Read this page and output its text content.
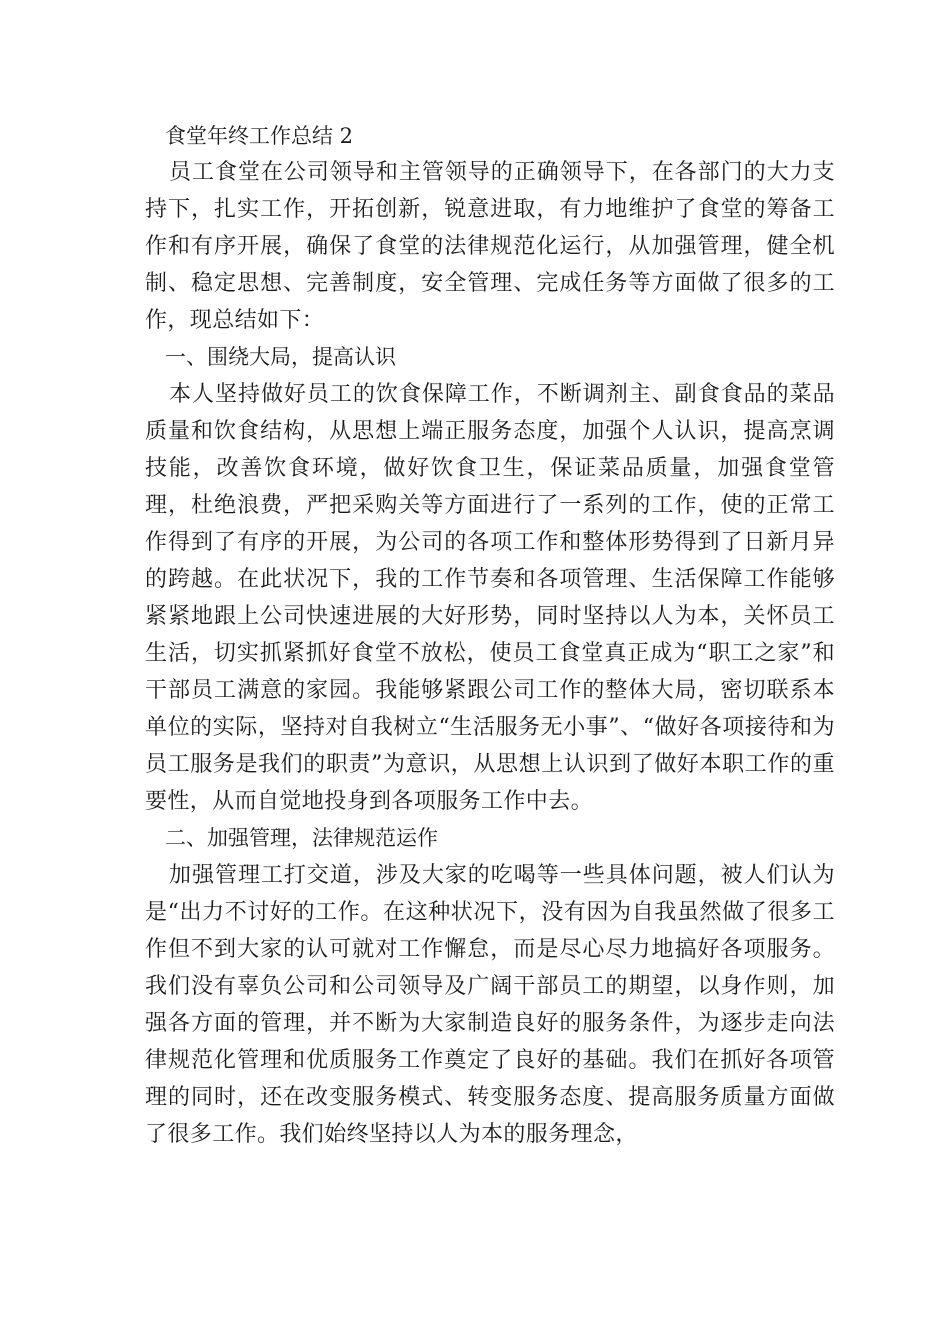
食堂年终工作总结 2

员工食堂在公司领导和主管领导的正确领导下，在各部门的大力支持下，扎实工作，开拓创新，锐意进取，有力地维护了食堂的筹备工作和有序开展，确保了食堂的法律规范化运行，从加强管理，健全机制、稳定思想、完善制度，安全管理、完成任务等方面做了很多的工作，现总结如下：

一、围绕大局，提高认识

本人坚持做好员工的饮食保障工作，不断调剂主、副食食品的菜品质量和饮食结构，从思想上端正服务态度，加强个人认识，提高烹调技能，改善饮食环境，做好饮食卫生，保证菜品质量，加强食堂管理，杜绝浪费，严把采购关等方面进行了一系列的工作，使的正常工作得到了有序的开展，为公司的各项工作和整体形势得到了日新月异的跨越。在此状况下，我的工作节奏和各项管理、生活保障工作能够紧紧地跟上公司快速进展的大好形势，同时坚持以人为本，关怀员工生活，切实抓紧抓好食堂不放松，使员工食堂真正成为“职工之家”和干部员工满意的家园。我能够紧跟公司工作的整体大局，密切联系本单位的实际，坚持对自我树立“生活服务无小事”、“做好各项接待和为员工服务是我们的职责”为意识，从思想上认识到了做好本职工作的重要性，从而自觉地投身到各项服务工作中去。

二、加强管理，法律规范运作

加强管理工打交道，涉及大家的吃喝等一些具体问题，被人们认为是“出力不讨好的工作。在这种状况下，没有因为自我虽然做了很多工作但不到大家的认可就对工作懈怠，而是尽心尽力地搞好各项服务。我们没有辜负公司和公司领导及广阔干部员工的期望，以身作则，加强各方面的管理，并不断为大家制造良好的服务条件，为逐步走向法律规范化管理和优质服务工作奠定了良好的基础。我们在抓好各项管理的同时，还在改变服务模式、转变服务态度、提高服务质量方面做了很多工作。我们始终坚持以人为本的服务理念，
